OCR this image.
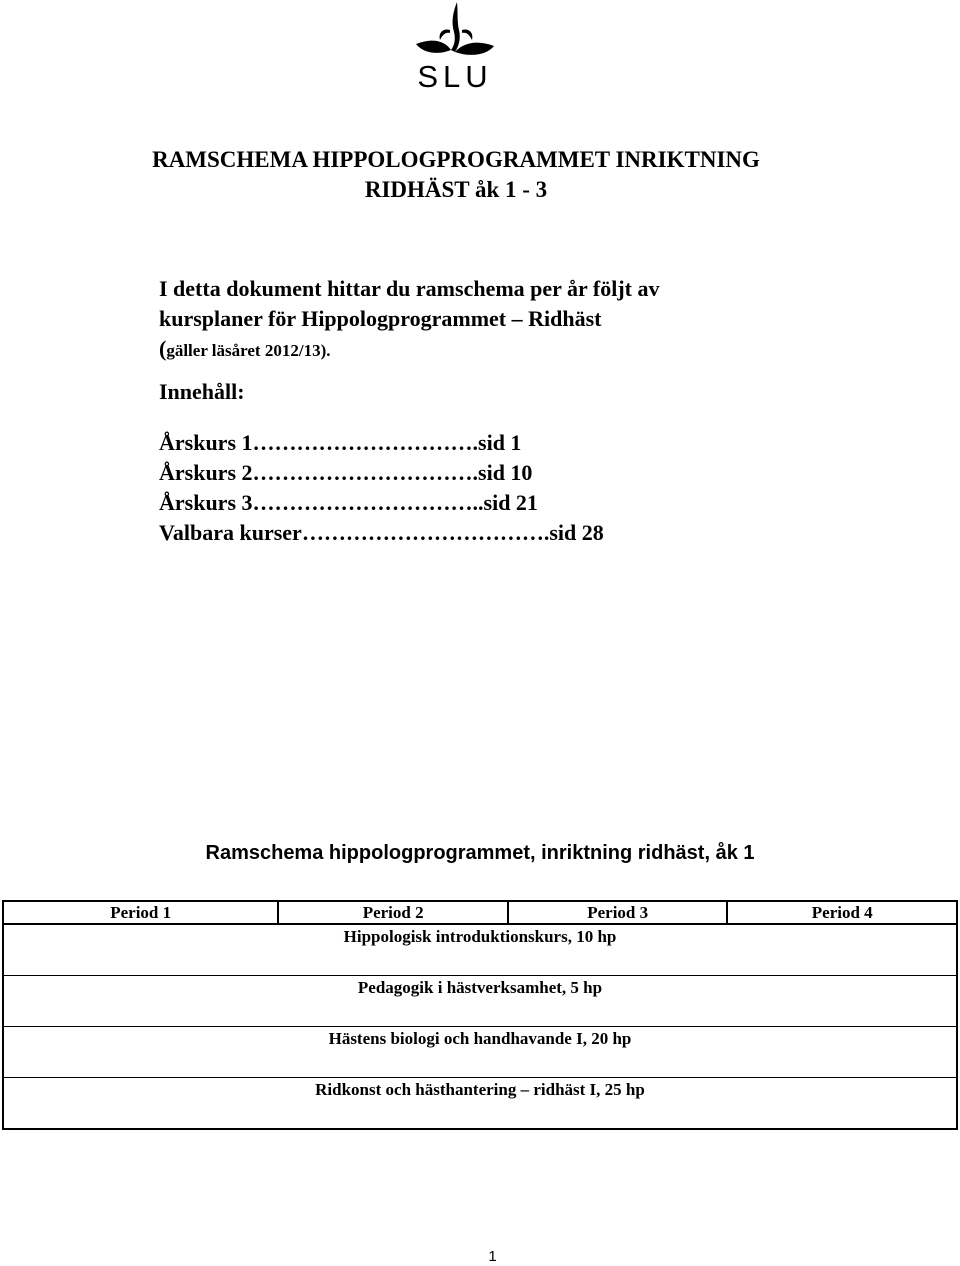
SLU
RAMSCHEMA HIPPOLOGPROGRAMMET INRIKTNING
RIDHÄST åk 1 - 3
I detta dokument hittar du ramschema per år följt av
kursplaner för Hippologprogrammet – Ridhäst
(gäller läsåret 2012/13).
Innehåll:
Årskurs 1………………………….sid 1
Årskurs 2………………………….sid 10
Årskurs 3…………………………..sid 21
Valbara kurser…………………………….sid 28
Ramschema hippologprogrammet, inriktning ridhäst, åk 1
Period 1	Period 2	Period 3	Period 4

Hippologisk introduktionskurs, 10 hp

Pedagogik i hästverksamhet, 5 hp

Hästens biologi och handhavande I, 20 hp

Ridkonst och hästhantering – ridhäst I, 25 hp
1
